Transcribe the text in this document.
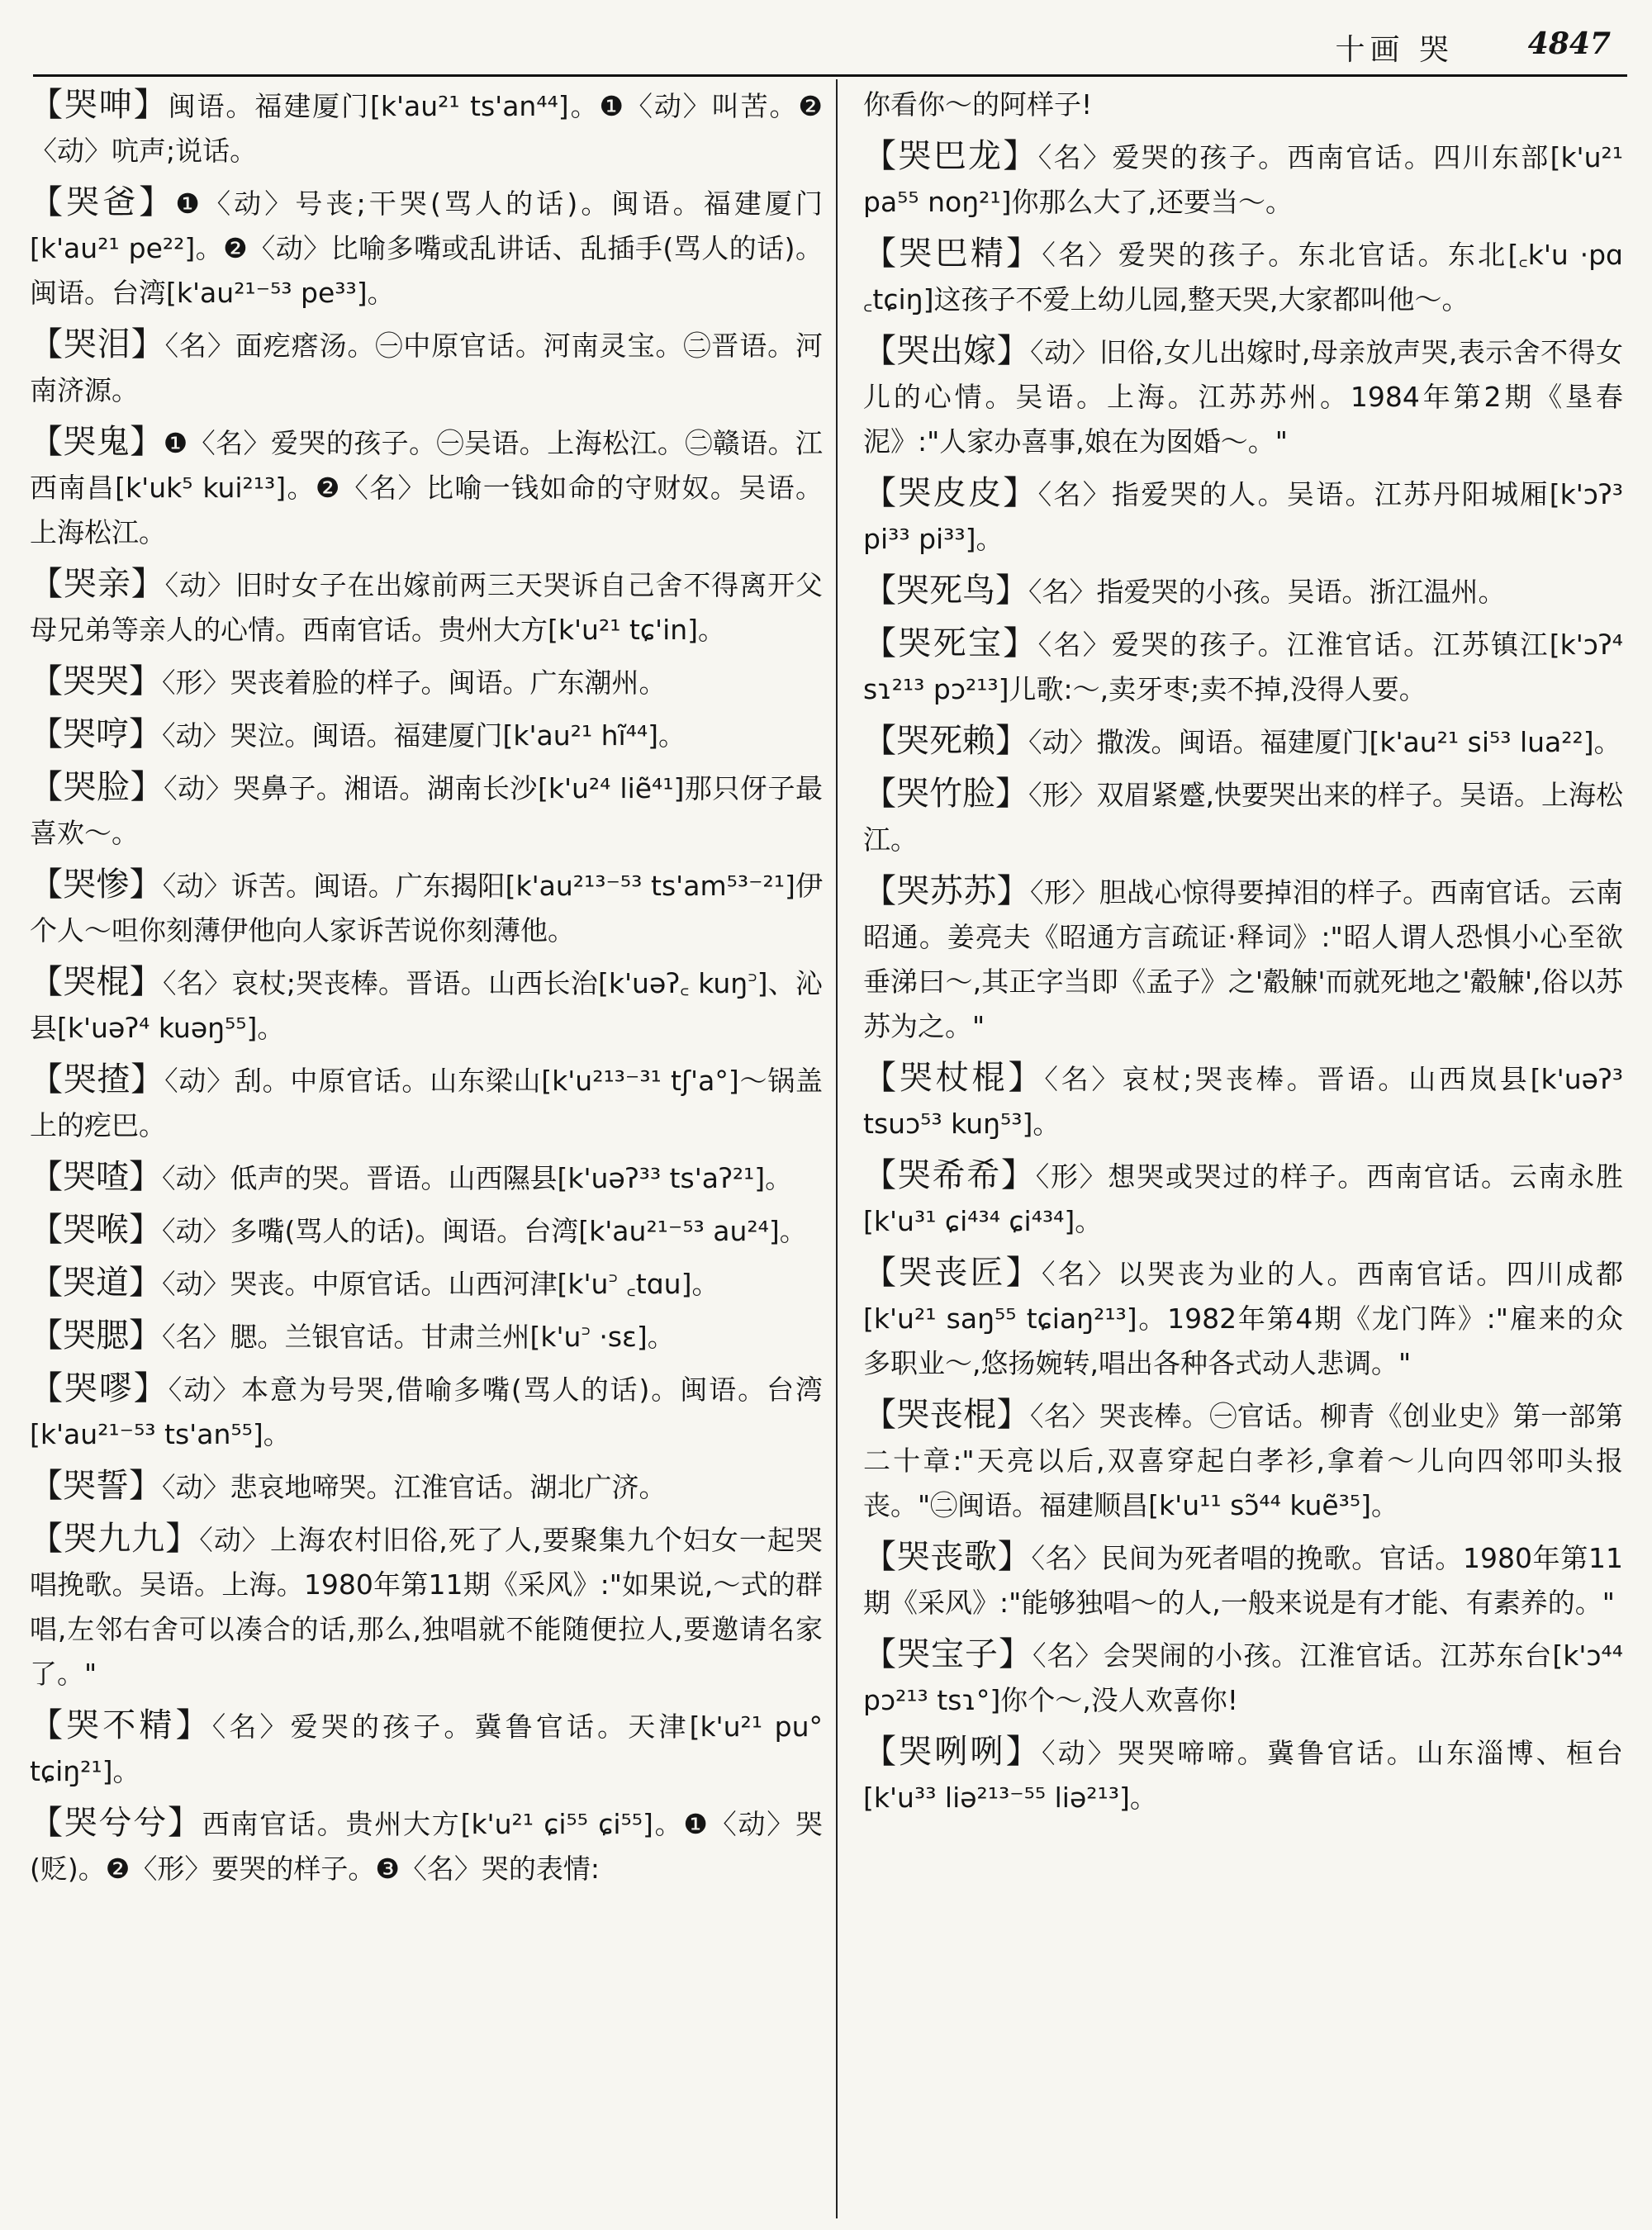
十画 哭 4847
【哭呻】闽语。福建厦门[k'au²¹ ts'an⁴⁴]。❶〈动〉叫苦。❷〈动〉吭声;说话。
【哭爸】❶〈动〉号丧;干哭(骂人的话)。闽语。福建厦门[k'au²¹ pe²²]。❷〈动〉比喻多嘴或乱讲话、乱插手(骂人的话)。闽语。台湾[k'au²¹⁻⁵³ pe³³]。
【哭泪】〈名〉面疙瘩汤。㊀中原官话。河南灵宝。㊁晋语。河南济源。
【哭鬼】❶〈名〉爱哭的孩子。㊀吴语。上海松江。㊁赣语。江西南昌[k'uk⁵ kui²¹³]。❷〈名〉比喻一钱如命的守财奴。吴语。上海松江。
【哭亲】〈动〉旧时女子在出嫁前两三天哭诉自己舍不得离开父母兄弟等亲人的心情。西南官话。贵州大方[k'u²¹ tɕ'in]。
【哭哭】〈形〉哭丧着脸的样子。闽语。广东潮州。
【哭哼】〈动〉哭泣。闽语。福建厦门[k'au²¹ hĩ⁴⁴]。
【哭脸】〈动〉哭鼻子。湘语。湖南长沙[k'u²⁴ liẽ⁴¹]那只伢子最喜欢～。
【哭惨】〈动〉诉苦。闽语。广东揭阳[k'au²¹³⁻⁵³ ts'am⁵³⁻²¹]伊个人～呾你刻薄伊他向人家诉苦说你刻薄他。
【哭棍】〈名〉哀杖;哭丧棒。晋语。山西长治[k'uəʔ꜀ kuŋ꜄]、沁县[k'uəʔ⁴ kuəŋ⁵⁵]。
【哭揸】〈动〉刮。中原官话。山东梁山[k'u²¹³⁻³¹ tʃ'a°]～锅盖上的疙巴。
【哭喳】〈动〉低声的哭。晋语。山西隰县[k'uəʔ³³ ts'aʔ²¹]。
【哭喉】〈动〉多嘴(骂人的话)。闽语。台湾[k'au²¹⁻⁵³ au²⁴]。
【哭道】〈动〉哭丧。中原官话。山西河津[k'u꜄ ꜀tɑu]。
【哭腮】〈名〉腮。兰银官话。甘肃兰州[k'u꜄ ·sɛ]。
【哭嘐】〈动〉本意为号哭,借喻多嘴(骂人的话)。闽语。台湾[k'au²¹⁻⁵³ ts'an⁵⁵]。
【哭誓】〈动〉悲哀地啼哭。江淮官话。湖北广济。
【哭九九】〈动〉上海农村旧俗,死了人,要聚集九个妇女一起哭唱挽歌。吴语。上海。1980年第11期《采风》:"如果说,～式的群唱,左邻右舍可以凑合的话,那么,独唱就不能随便拉人,要邀请名家了。"
【哭不精】〈名〉爱哭的孩子。冀鲁官话。天津[k'u²¹ pu° tɕiŋ²¹]。
【哭兮兮】西南官话。贵州大方[k'u²¹ ɕi⁵⁵ ɕi⁵⁵]。❶〈动〉哭(贬)。❷〈形〉要哭的样子。❸〈名〉哭的表情:
你看你～的阿样子!
【哭巴龙】〈名〉爱哭的孩子。西南官话。四川东部[k'u²¹ pa⁵⁵ noŋ²¹]你那么大了,还要当～。
【哭巴精】〈名〉爱哭的孩子。东北官话。东北[꜀k'u ·pɑ ꜀tɕiŋ]这孩子不爱上幼儿园,整天哭,大家都叫他～。
【哭出嫁】〈动〉旧俗,女儿出嫁时,母亲放声哭,表示舍不得女儿的心情。吴语。上海。江苏苏州。1984年第2期《垦春泥》:"人家办喜事,娘在为囡婚～。"
【哭皮皮】〈名〉指爱哭的人。吴语。江苏丹阳城厢[k'ɔʔ³ pi³³ pi³³]。
【哭死鸟】〈名〉指爱哭的小孩。吴语。浙江温州。
【哭死宝】〈名〉爱哭的孩子。江淮官话。江苏镇江[k'ɔʔ⁴ sɿ²¹³ pɔ²¹³]儿歌:～,卖牙枣;卖不掉,没得人要。
【哭死赖】〈动〉撒泼。闽语。福建厦门[k'au²¹ si⁵³ lua²²]。
【哭竹脸】〈形〉双眉紧蹙,快要哭出来的样子。吴语。上海松江。
【哭苏苏】〈形〉胆战心惊得要掉泪的样子。西南官话。云南昭通。姜亮夫《昭通方言疏证·释词》:"昭人谓人恐惧小心至欲垂涕曰～,其正字当即《孟子》之'觳觫'而就死地之'觳觫',俗以苏苏为之。"
【哭杖棍】〈名〉哀杖;哭丧棒。晋语。山西岚县[k'uəʔ³ tsuɔ⁵³ kuŋ⁵³]。
【哭希希】〈形〉想哭或哭过的样子。西南官话。云南永胜[k'u³¹ ɕi⁴³⁴ ɕi⁴³⁴]。
【哭丧匠】〈名〉以哭丧为业的人。西南官话。四川成都[k'u²¹ saŋ⁵⁵ tɕiaŋ²¹³]。1982年第4期《龙门阵》:"雇来的众多职业～,悠扬婉转,唱出各种各式动人悲调。"
【哭丧棍】〈名〉哭丧棒。㊀官话。柳青《创业史》第一部第二十章:"天亮以后,双喜穿起白孝衫,拿着～儿向四邻叩头报丧。"㊁闽语。福建顺昌[k'u¹¹ sɔ̃⁴⁴ kuẽ³⁵]。
【哭丧歌】〈名〉民间为死者唱的挽歌。官话。1980年第11期《采风》:"能够独唱～的人,一般来说是有才能、有素养的。"
【哭宝子】〈名〉会哭闹的小孩。江淮官话。江苏东台[k'ɔ⁴⁴ pɔ²¹³ tsɿ°]你个～,没人欢喜你!
【哭咧咧】〈动〉哭哭啼啼。冀鲁官话。山东淄博、桓台[k'u³³ liə²¹³⁻⁵⁵ liə²¹³]。
